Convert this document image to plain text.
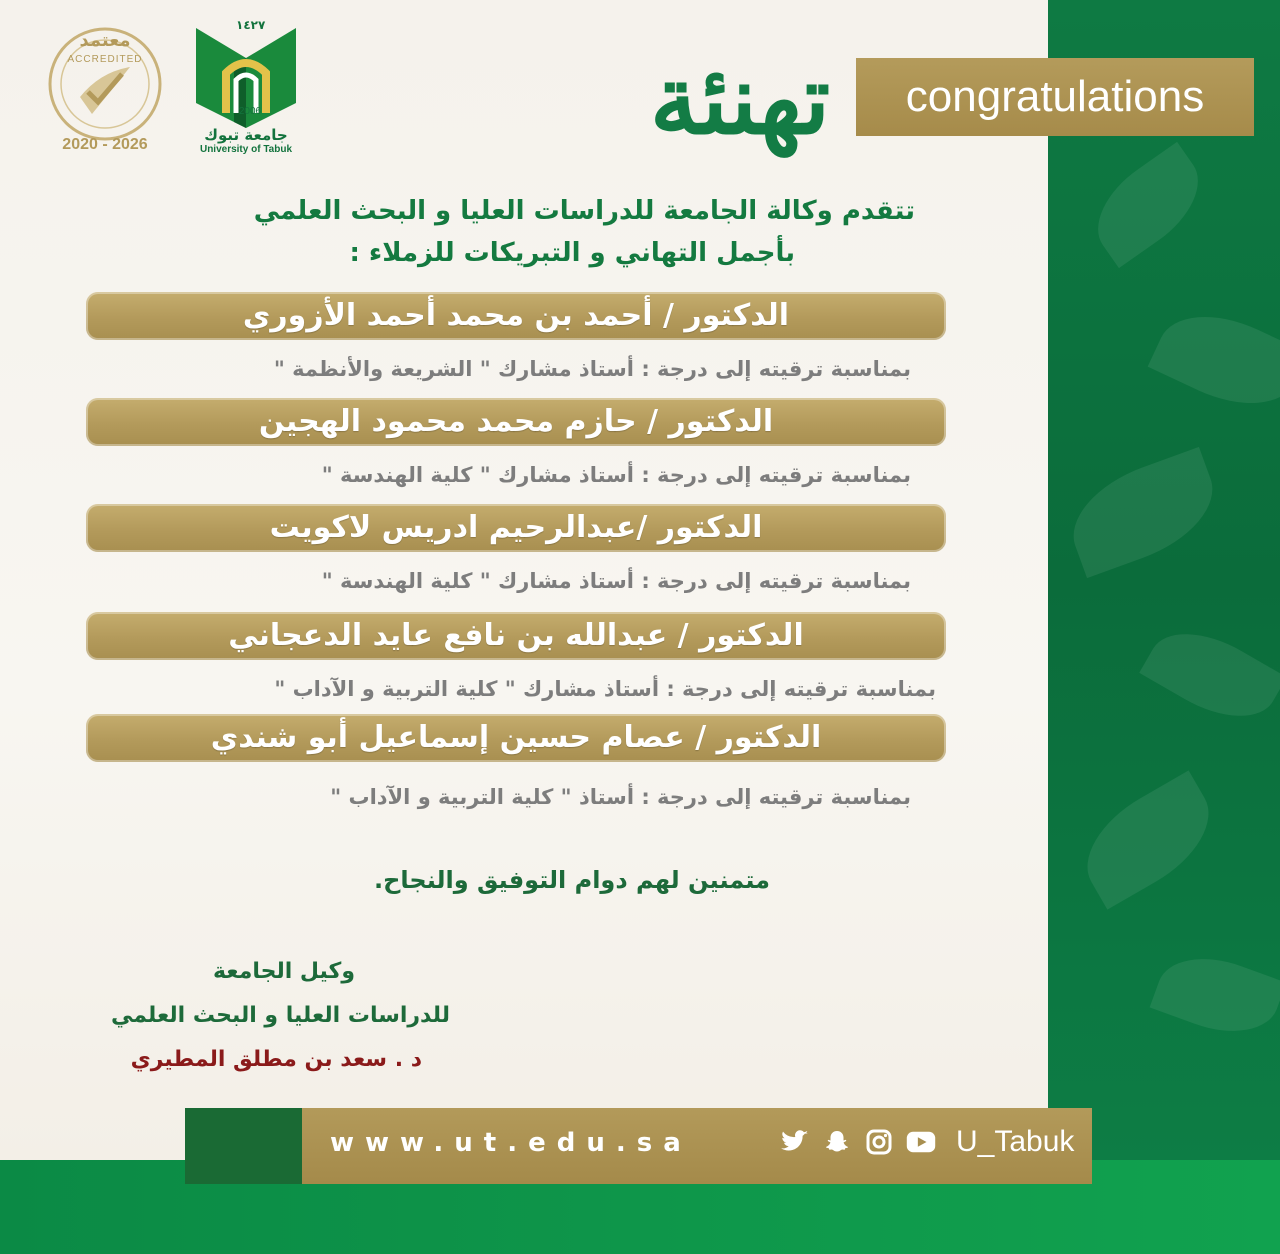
معتمد
ACCREDITED
2020 - 2026
١٤٢٧
2006
جامعة تبوك
University of Tabuk	تهنئة	congratulations
تتقدم وكالة الجامعة للدراسات العليا و البحث العلمي
بأجمل التهاني و التبريكات للزملاء :
الدكتور / أحمد بن محمد أحمد الأزوري
بمناسبة ترقيته إلى درجة : أستاذ مشارك " الشريعة والأنظمة "
الدكتور / حازم محمد محمود الهجين
بمناسبة ترقيته إلى درجة : أستاذ مشارك " كلية الهندسة "
الدكتور /عبدالرحيم ادريس لاكويت
بمناسبة ترقيته إلى درجة : أستاذ مشارك " كلية الهندسة "
الدكتور / عبدالله بن نافع عايد الدعجاني
بمناسبة ترقيته إلى درجة : أستاذ مشارك " كلية التربية و الآداب "
الدكتور / عصام حسين إسماعيل أبو شندي
بمناسبة ترقيته إلى درجة : أستاذ " كلية التربية و الآداب "
متمنين لهم دوام التوفيق والنجاح.
وكيل الجامعة
للدراسات العليا و البحث العلمي
د . سعد بن مطلق المطيري
www.ut.edu.sa	U_Tabuk
